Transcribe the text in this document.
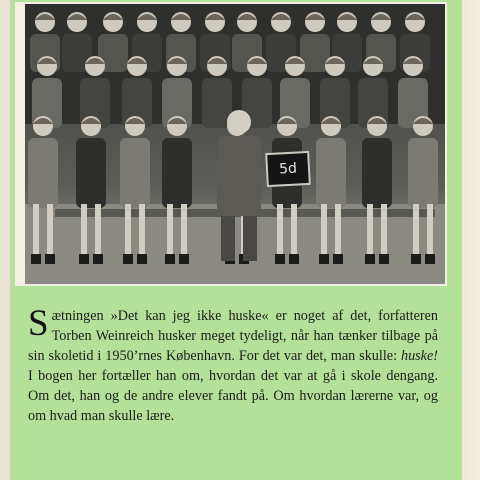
5d

Sætningen »Det kan jeg ikke huske« er noget af det, forfatteren Torben Weinreich husker meget tydeligt, når han tænker tilbage på sin skoletid i 1950’rnes København. For det var det, man skulle: huske! I bogen her fortæller han om, hvordan det var at gå i skole dengang. Om det, han og de andre elever fandt på. Om hvordan lærerne var, og om hvad man skulle lære.
